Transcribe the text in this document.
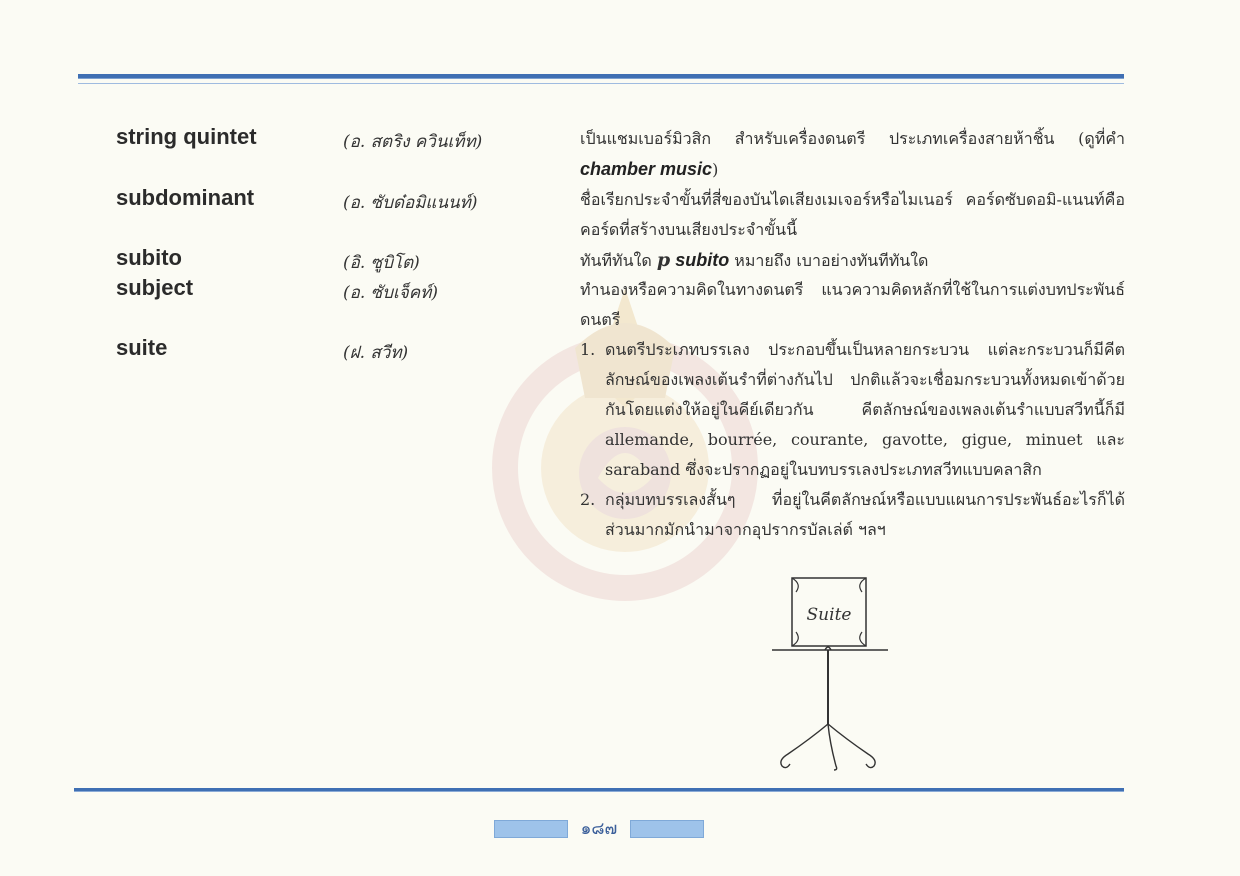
string quintet	(อ. สตริง ควินเท็ท)	เป็นแชมเบอร์มิวสิก สำหรับเครื่องดนตรี ประเภทเครื่องสายห้าชิ้น (ดูที่คำ chamber music)
subdominant	(อ. ซับด๋อมิแนนท์)	ชื่อเรียกประจำขั้นที่สี่ของบันไดเสียงเมเจอร์หรือไมเนอร์ คอร์ดซับดอมิ-แนนท์คือ คอร์ดที่สร้างบนเสียงประจำขั้นนี้
subito	(อิ. ซูบิโต)	ทันทีทันใด p subito หมายถึง เบาอย่างทันทีทันใด
subject	(อ. ซับเจ็คท์)	ทำนองหรือความคิดในทางดนตรี แนวความคิดหลักที่ใช้ในการแต่งบทประพันธ์ดนตรี
suite	(ฝ. สวีท)	1. ดนตรีประเภทบรรเลง ประกอบขึ้นเป็นหลายกระบวน แต่ละกระบวนก็มีคีตลักษณ์ของเพลงเต้นรำที่ต่างกันไป ปกติแล้วจะเชื่อมกระบวนทั้งหมดเข้าด้วยกันโดยแต่งให้อยู่ในคีย์เดียวกัน คีตลักษณ์ของเพลงเต้นรำแบบสวีทนี้ก็มี allemande, bourrée, courante, gavotte, gigue, minuet และ saraband ซึ่งจะปรากฏอยู่ในบทบรรเลงประเภทสวีทแบบคลาสิก
2. กลุ่มบทบรรเลงสั้นๆ ที่อยู่ในคีตลักษณ์หรือแบบแผนการประพันธ์อะไรก็ได้ ส่วนมากมักนำมาจากอุปรากรบัลเล่ต์ ฯลฯ
Suite
๑๘๗
